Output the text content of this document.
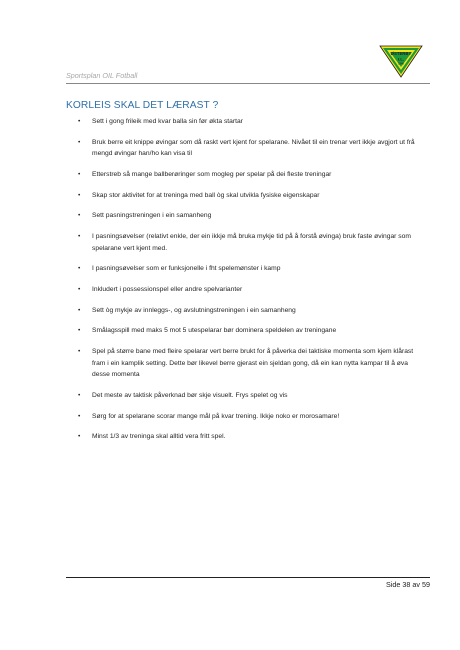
Sportsplan OIL Fotball
ØSTERBY
I.L.
1946
KORLEIS SKAL DET LÆRAST ?
• Sett i gong frileik med kvar balla sin før økta startar
• Bruk berre eit knippe øvingar som då raskt vert kjent for spelarane. Nivået til ein trenar vert ikkje avgjort ut frå mengd øvingar han/ho kan visa til
• Etterstreb så mange ballberøringer som mogleg per spelar på dei fleste treningar
• Skap stor aktivitet for at treninga med ball òg skal utvikla fysiske eigenskapar
• Sett pasningstreningen i ein samanheng
• I pasningsøvelser (relativt enkle, der ein ikkje må bruka mykje tid på å forstå øvinga) bruk faste øvingar som spelarane vert kjent med.
• I pasningsøvelser som er funksjonelle i fht spelemønster i kamp
• Inkludert i possessionspel eller andre spelvarianter
• Sett òg mykje av innleggs-, og avslutningstreningen i ein samanheng
• Smålagsspill med maks 5 mot 5 utespelarar bør dominera speldelen av treningane
• Spel på større bane med fleire spelarar vert berre brukt for å påverka dei taktiske momenta som kjem klårast fram i ein kamplik setting. Dette bør likevel berre gjerast ein sjeldan gong, då ein kan nytta kampar til å øva desse momenta
• Det meste av taktisk påverknad bør skje visuelt. Frys spelet og vis
• Sørg for at spelarane scorar mange mål på kvar trening. Ikkje noko er morosamare!
• Minst 1/3 av treninga skal alltid vera fritt spel.
Side 38 av 59
